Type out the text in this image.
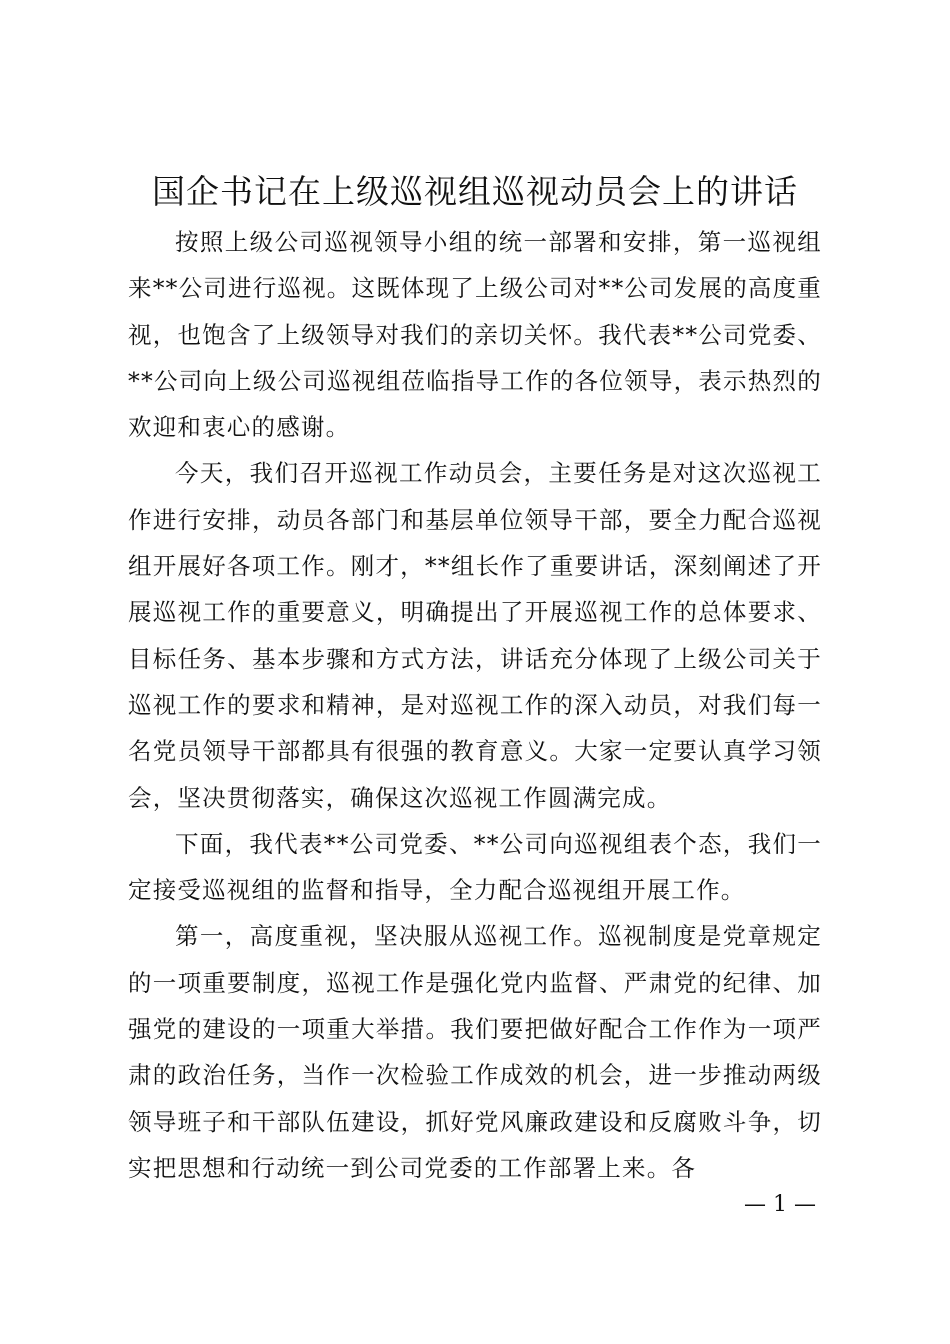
国企书记在上级巡视组巡视动员会上的讲话

按照上级公司巡视领导小组的统一部署和安排，第一巡视组来**公司进行巡视。这既体现了上级公司对**公司发展的高度重视，也饱含了上级领导对我们的亲切关怀。我代表**公司党委、**公司向上级公司巡视组莅临指导工作的各位领导，表示热烈的欢迎和衷心的感谢。

今天，我们召开巡视工作动员会，主要任务是对这次巡视工作进行安排，动员各部门和基层单位领导干部，要全力配合巡视组开展好各项工作。刚才，**组长作了重要讲话，深刻阐述了开展巡视工作的重要意义，明确提出了开展巡视工作的总体要求、目标任务、基本步骤和方式方法，讲话充分体现了上级公司关于巡视工作的要求和精神，是对巡视工作的深入动员，对我们每一名党员领导干部都具有很强的教育意义。大家一定要认真学习领会，坚决贯彻落实，确保这次巡视工作圆满完成。

下面，我代表**公司党委、**公司向巡视组表个态，我们一定接受巡视组的监督和指导，全力配合巡视组开展工作。

第一，高度重视，坚决服从巡视工作。巡视制度是党章规定的一项重要制度，巡视工作是强化党内监督、严肃党的纪律、加强党的建设的一项重大举措。我们要把做好配合工作作为一项严肃的政治任务，当作一次检验工作成效的机会，进一步推动两级领导班子和干部队伍建设，抓好党风廉政建设和反腐败斗争，切实把思想和行动统一到公司党委的工作部署上来。各

— 1 —
